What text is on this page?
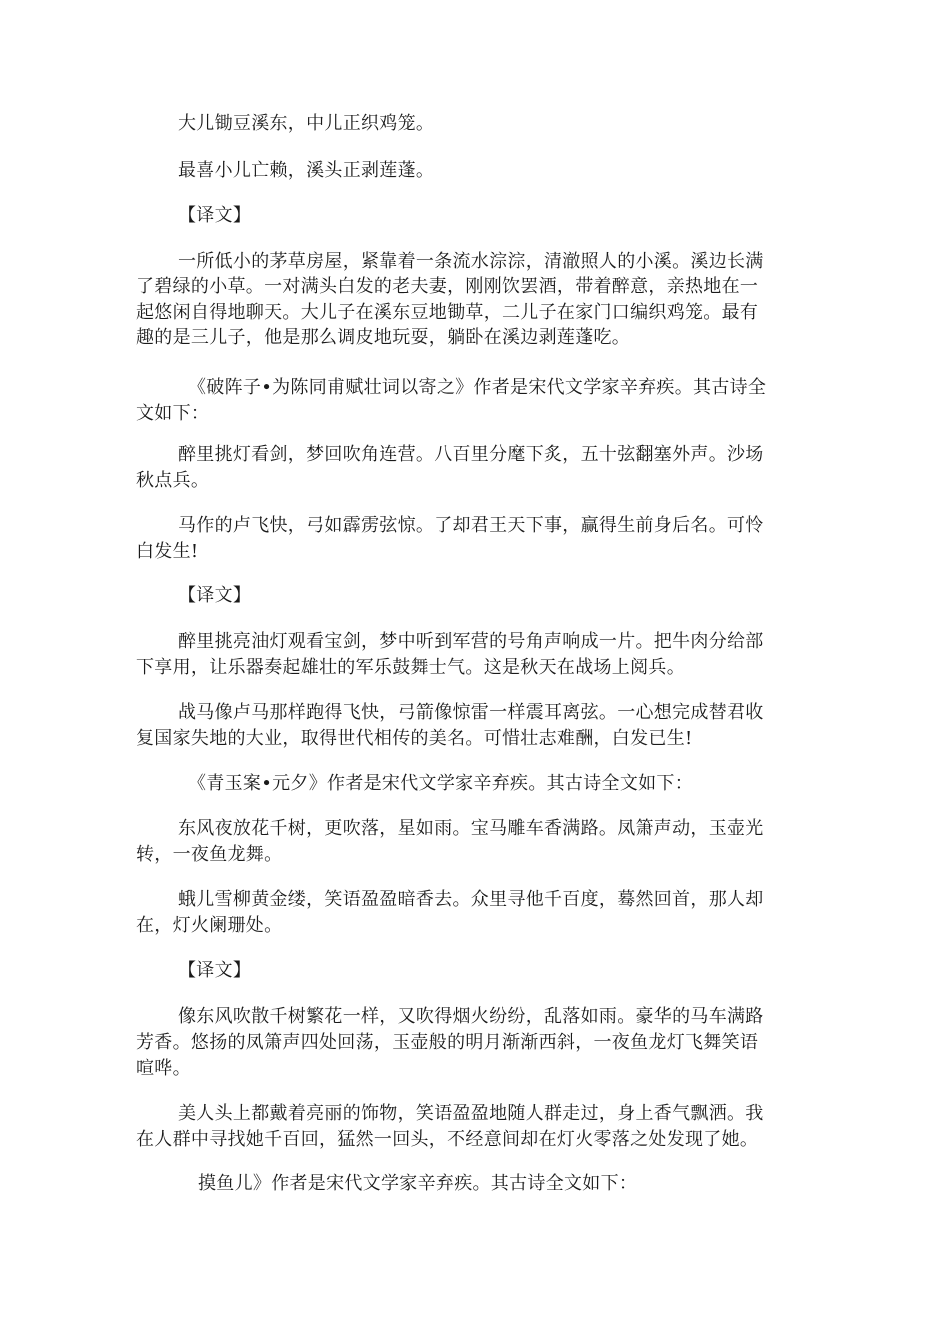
大儿锄豆溪东，中儿正织鸡笼。
最喜小儿亡赖，溪头正剥莲蓬。
【译文】
一所低小的茅草房屋，紧靠着一条流水淙淙，清澈照人的小溪。溪边长满
了碧绿的小草。一对满头白发的老夫妻，刚刚饮罢酒，带着醉意，亲热地在一
起悠闲自得地聊天。大儿子在溪东豆地锄草，二儿子在家门口编织鸡笼。最有
趣的是三儿子，他是那么调皮地玩耍，躺卧在溪边剥莲蓬吃。
《破阵子•为陈同甫赋壮词以寄之》作者是宋代文学家辛弃疾。其古诗全
文如下：
醉里挑灯看剑，梦回吹角连营。八百里分麾下炙，五十弦翻塞外声。沙场
秋点兵。
马作的卢飞快，弓如霹雳弦惊。了却君王天下事，赢得生前身后名。可怜
白发生!
【译文】
醉里挑亮油灯观看宝剑，梦中听到军营的号角声响成一片。把牛肉分给部
下享用，让乐器奏起雄壮的军乐鼓舞士气。这是秋天在战场上阅兵。
战马像卢马那样跑得飞快，弓箭像惊雷一样震耳离弦。一心想完成替君收
复国家失地的大业，取得世代相传的美名。可惜壮志难酬，白发已生!
《青玉案•元夕》作者是宋代文学家辛弃疾。其古诗全文如下：
东风夜放花千树，更吹落，星如雨。宝马雕车香满路。凤箫声动，玉壶光
转，一夜鱼龙舞。
蛾儿雪柳黄金缕，笑语盈盈暗香去。众里寻他千百度，蓦然回首，那人却
在，灯火阑珊处。
【译文】
像东风吹散千树繁花一样，又吹得烟火纷纷，乱落如雨。豪华的马车满路
芳香。悠扬的凤箫声四处回荡，玉壶般的明月渐渐西斜，一夜鱼龙灯飞舞笑语
喧哗。
美人头上都戴着亮丽的饰物，笑语盈盈地随人群走过，身上香气飘洒。我
在人群中寻找她千百回，猛然一回头，不经意间却在灯火零落之处发现了她。
摸鱼儿》作者是宋代文学家辛弃疾。其古诗全文如下：
